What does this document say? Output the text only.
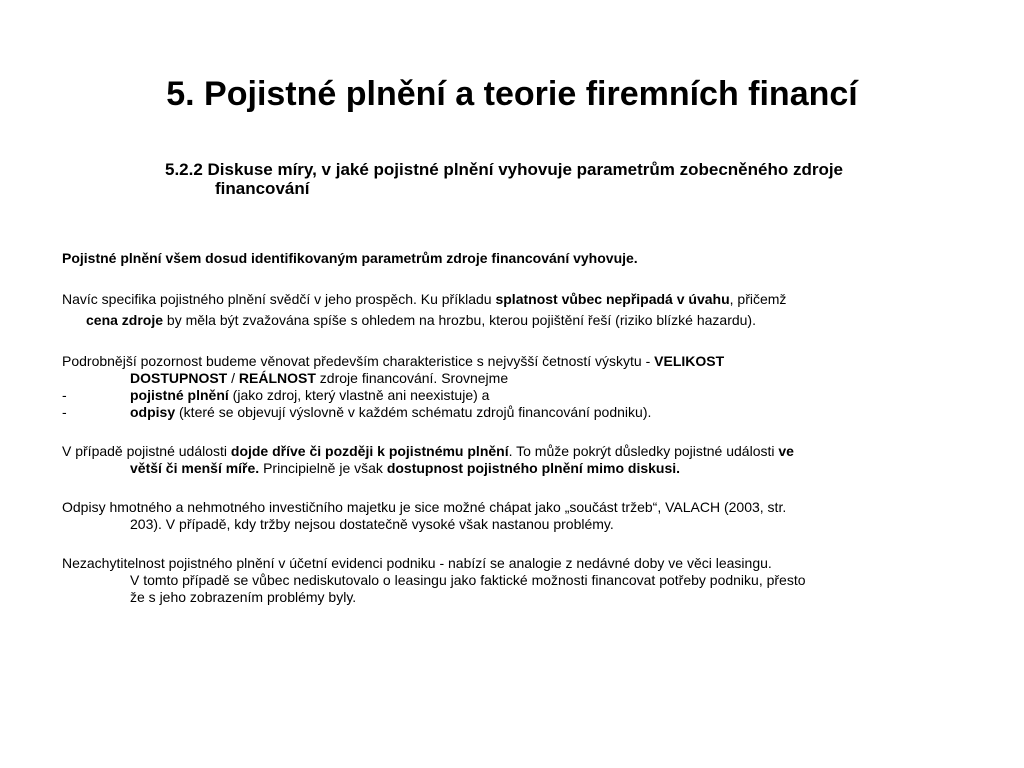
5. Pojistné plnění a teorie firemních financí
5.2.2 Diskuse míry, v jaké pojistné plnění vyhovuje parametrům zobecněného zdroje
financování

Pojistné plnění všem dosud identifikovaným parametrům zdroje financování vyhovuje.

Navíc specifika pojistného plnění svědčí v jeho prospěch. Ku příkladu splatnost vůbec nepřipadá v úvahu, přičemž
cena zdroje by měla být zvažována spíše s ohledem na hrozbu, kterou pojištění řeší (riziko blízké hazardu).

Podrobnější pozornost budeme věnovat především charakteristice s nejvyšší četností výskytu - VELIKOST
DOSTUPNOST / REÁLNOST zdroje financování. Srovnejme
-	pojistné plnění (jako zdroj, který vlastně ani neexistuje) a
-	odpisy (které se objevují výslovně v každém schématu zdrojů financování podniku).

V případě pojistné události dojde dříve či později k pojistnému plnění. To může pokrýt důsledky pojistné události ve
větší či menší míře. Principielně je však dostupnost pojistného plnění mimo diskusi.

Odpisy hmotného a nehmotného investičního majetku je sice možné chápat jako „součást tržeb“, VALACH (2003, str.
203). V případě, kdy tržby nejsou dostatečně vysoké však nastanou problémy.

Nezachytitelnost pojistného plnění v účetní evidenci podniku - nabízí se analogie z nedávné doby ve věci leasingu.
V tomto případě se vůbec nediskutovalo o leasingu jako faktické možnosti financovat potřeby podniku, přesto
že s jeho zobrazením problémy byly.
